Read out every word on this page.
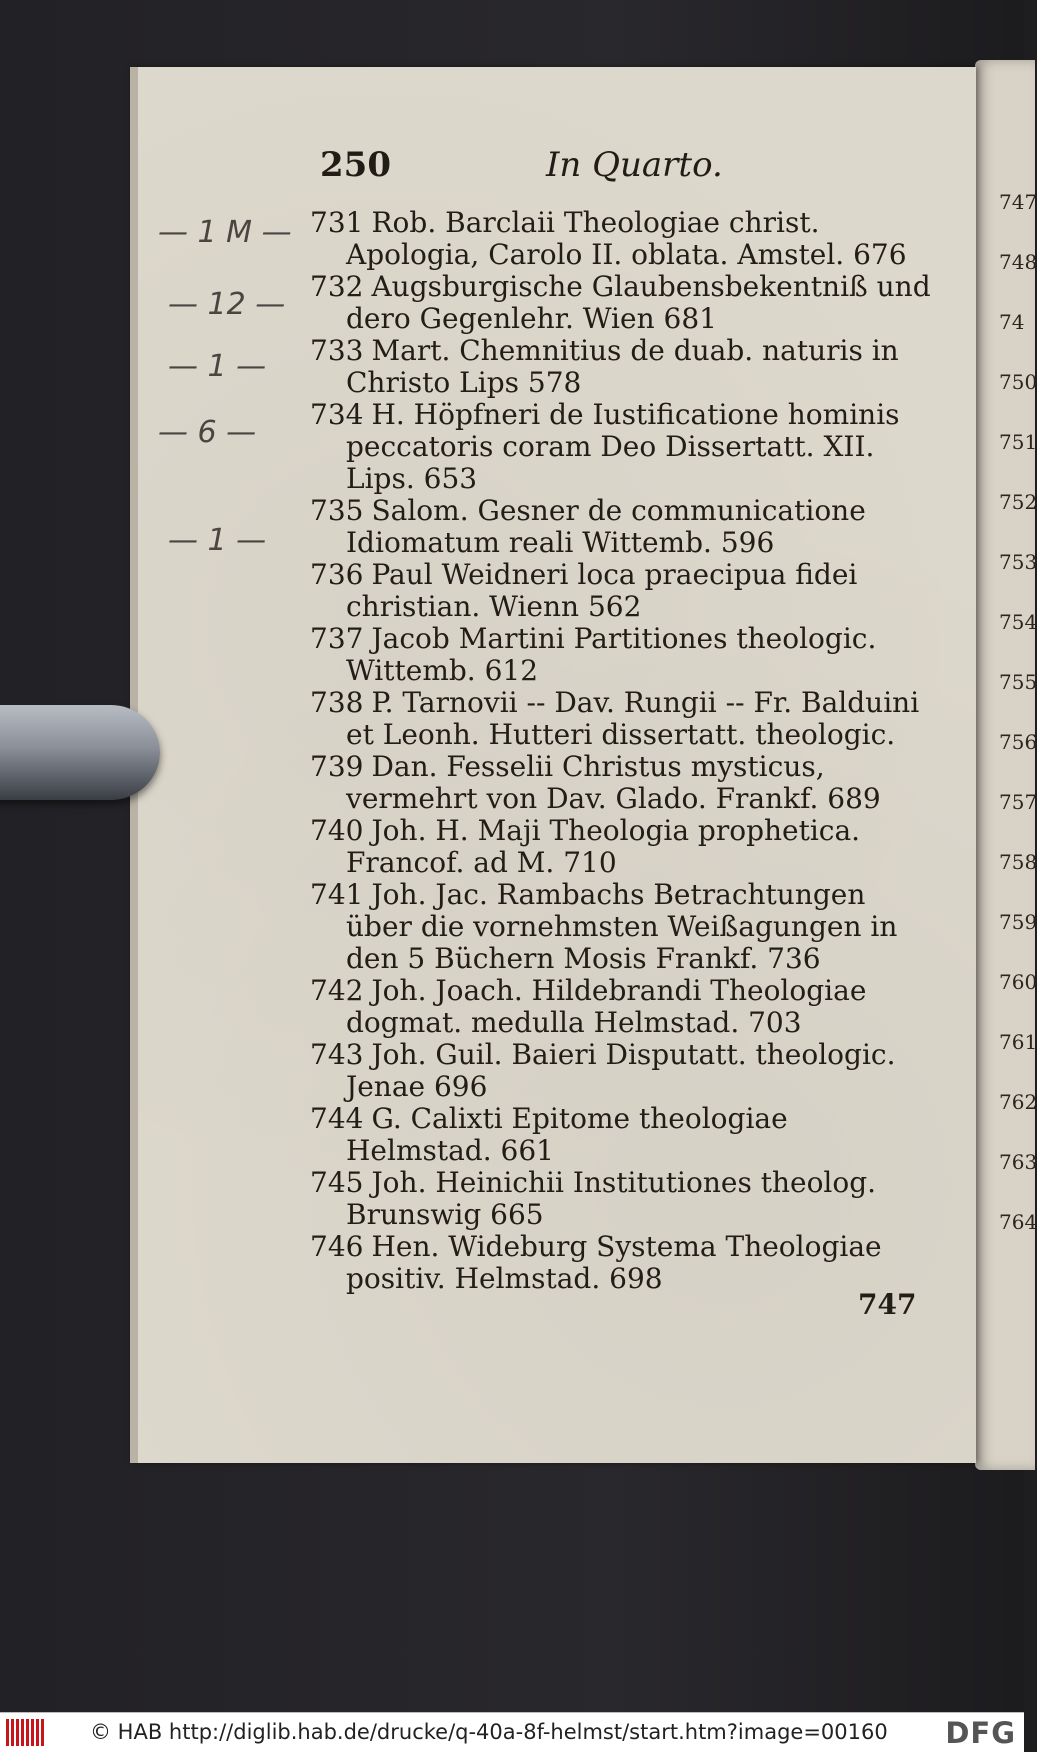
747
748
74
750
751
752
753
754
755
756
757
758
759
760
761
762
763
764
250	In Quarto.

731 Rob. Barclaii Theologiae christ. Apologia, Carolo II. oblata. Amstel. 676

732 Augsburgische Glaubensbekentniß und dero Gegenlehr. Wien 681

733 Mart. Chemnitius de duab. naturis in Christo Lips 578

734 H. Höpfneri de Iustificatione hominis peccatoris coram Deo Dissertatt. XII. Lips. 653

735 Salom. Gesner de communicatione Idiomatum reali Wittemb. 596

736 Paul Weidneri loca praecipua fidei christian. Wienn 562

737 Jacob Martini Partitiones theologic. Wittemb. 612

738 P. Tarnovii -- Dav. Rungii -- Fr. Balduini et Leonh. Hutteri dissertatt. theologic.

739 Dan. Fesselii Christus mysticus, vermehrt von Dav. Glado. Frankf. 689

740 Joh. H. Maji Theologia prophetica. Francof. ad M. 710

741 Joh. Jac. Rambachs Betrachtungen über die vornehmsten Weißagungen in den 5 Büchern Mosis Frankf. 736

742 Joh. Joach. Hildebrandi Theologiae dogmat. medulla Helmstad. 703

743 Joh. Guil. Baieri Disputatt. theologic. Jenae 696

744 G. Calixti Epitome theologiae Helmstad. 661

745 Joh. Heinichii Institutiones theolog. Brunswig 665

746 Hen. Wideburg Systema Theologiae positiv. Helmstad. 698

— 1 M —
— 12 —
— 1 —
— 6 —
— 1 —
747
© HAB http://diglib.hab.de/drucke/q-40a-8f-helmst/start.htm?image=00160 DFG
